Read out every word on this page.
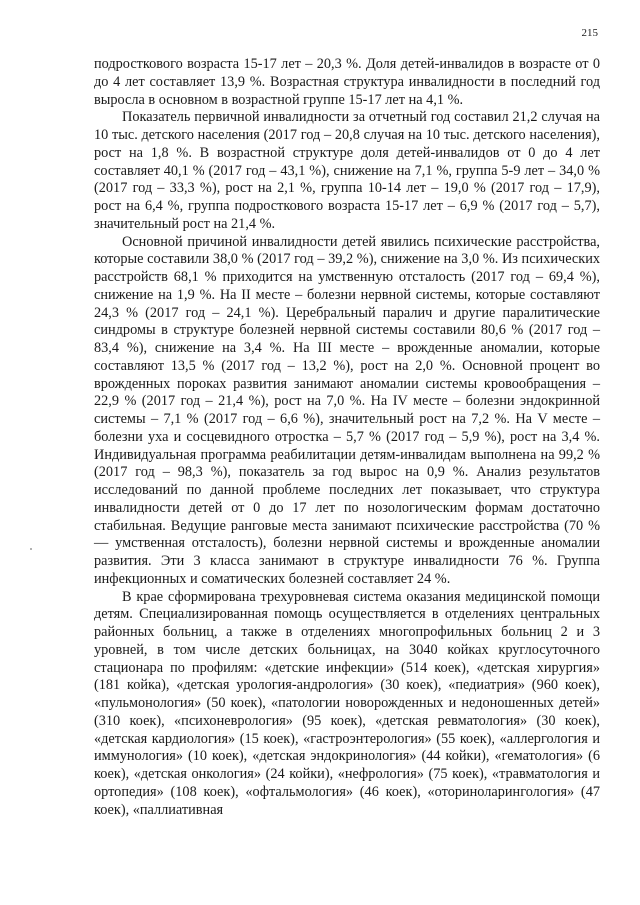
215

подросткового возраста 15-17 лет – 20,3 %. Доля детей-инвалидов в возрасте от 0 до 4 лет составляет 13,9 %. Возрастная структура инвалидности в последний год выросла в основном в возрастной группе 15-17 лет на 4,1 %.

Показатель первичной инвалидности за отчетный год составил 21,2 случая на 10 тыс. детского населения (2017 год – 20,8 случая на 10 тыс. детского населения), рост на 1,8 %. В возрастной структуре доля детей-инвалидов от 0 до 4 лет составляет 40,1 % (2017 год – 43,1 %), снижение на 7,1 %, группа 5-9 лет – 34,0 % (2017 год – 33,3 %), рост на 2,1 %, группа 10-14 лет – 19,0 % (2017 год – 17,9), рост на 6,4 %, группа подросткового возраста 15-17 лет – 6,9 % (2017 год – 5,7), значительный рост на 21,4 %.

Основной причиной инвалидности детей явились психические расстройства, которые составили 38,0 % (2017 год – 39,2 %), снижение на 3,0 %. Из психических расстройств 68,1 % приходится на умственную отсталость (2017 год – 69,4 %), снижение на 1,9 %. На II месте – болезни нервной системы, которые составляют 24,3 % (2017 год – 24,1 %). Церебральный паралич и другие паралитические синдромы в структуре болезней нервной системы составили 80,6 % (2017 год – 83,4 %), снижение на 3,4 %. На III месте – врожденные аномалии, которые составляют 13,5 % (2017 год – 13,2 %), рост на 2,0 %. Основной процент во врожденных пороках развития занимают аномалии системы кровообращения – 22,9 % (2017 год – 21,4 %), рост на 7,0 %. На IV месте – болезни эндокринной системы – 7,1 % (2017 год – 6,6 %), значительный рост на 7,2 %. На V месте – болезни уха и сосцевидного отростка – 5,7 % (2017 год – 5,9 %), рост на 3,4 %. Индивидуальная программа реабилитации детям-инвалидам выполнена на 99,2 % (2017 год – 98,3 %), показатель за год вырос на 0,9 %. Анализ результатов исследований по данной проблеме последних лет показывает, что структура инвалидности детей от 0 до 17 лет по нозологическим формам достаточно стабильная. Ведущие ранговые места занимают психические расстройства (70 % — умственная отсталость), болезни нервной системы и врожденные аномалии развития. Эти 3 класса занимают в структуре инвалидности 76 %. Группа инфекционных и соматических болезней составляет 24 %.

В крае сформирована трехуровневая система оказания медицинской помощи детям. Специализированная помощь осуществляется в отделениях центральных районных больниц, а также в отделениях многопрофильных больниц 2 и 3 уровней, в том числе детских больницах, на 3040 койках круглосуточного стационара по профилям: «детские инфекции» (514 коек), «детская хирургия» (181 койка), «детская урология-андрология» (30 коек), «педиатрия» (960 коек), «пульмонология» (50 коек), «патологии новорожденных и недоношенных детей» (310 коек), «психоневрология» (95 коек), «детская ревматология» (30 коек), «детская кардиология» (15 коек), «гастроэнтерология» (55 коек), «аллергология и иммунология» (10 коек), «детская эндокринология» (44 койки), «гематология» (6 коек), «детская онкология» (24 койки), «нефрология» (75 коек), «травматология и ортопедия» (108 коек), «офтальмология» (46 коек), «оториноларингология» (47 коек), «паллиативная
